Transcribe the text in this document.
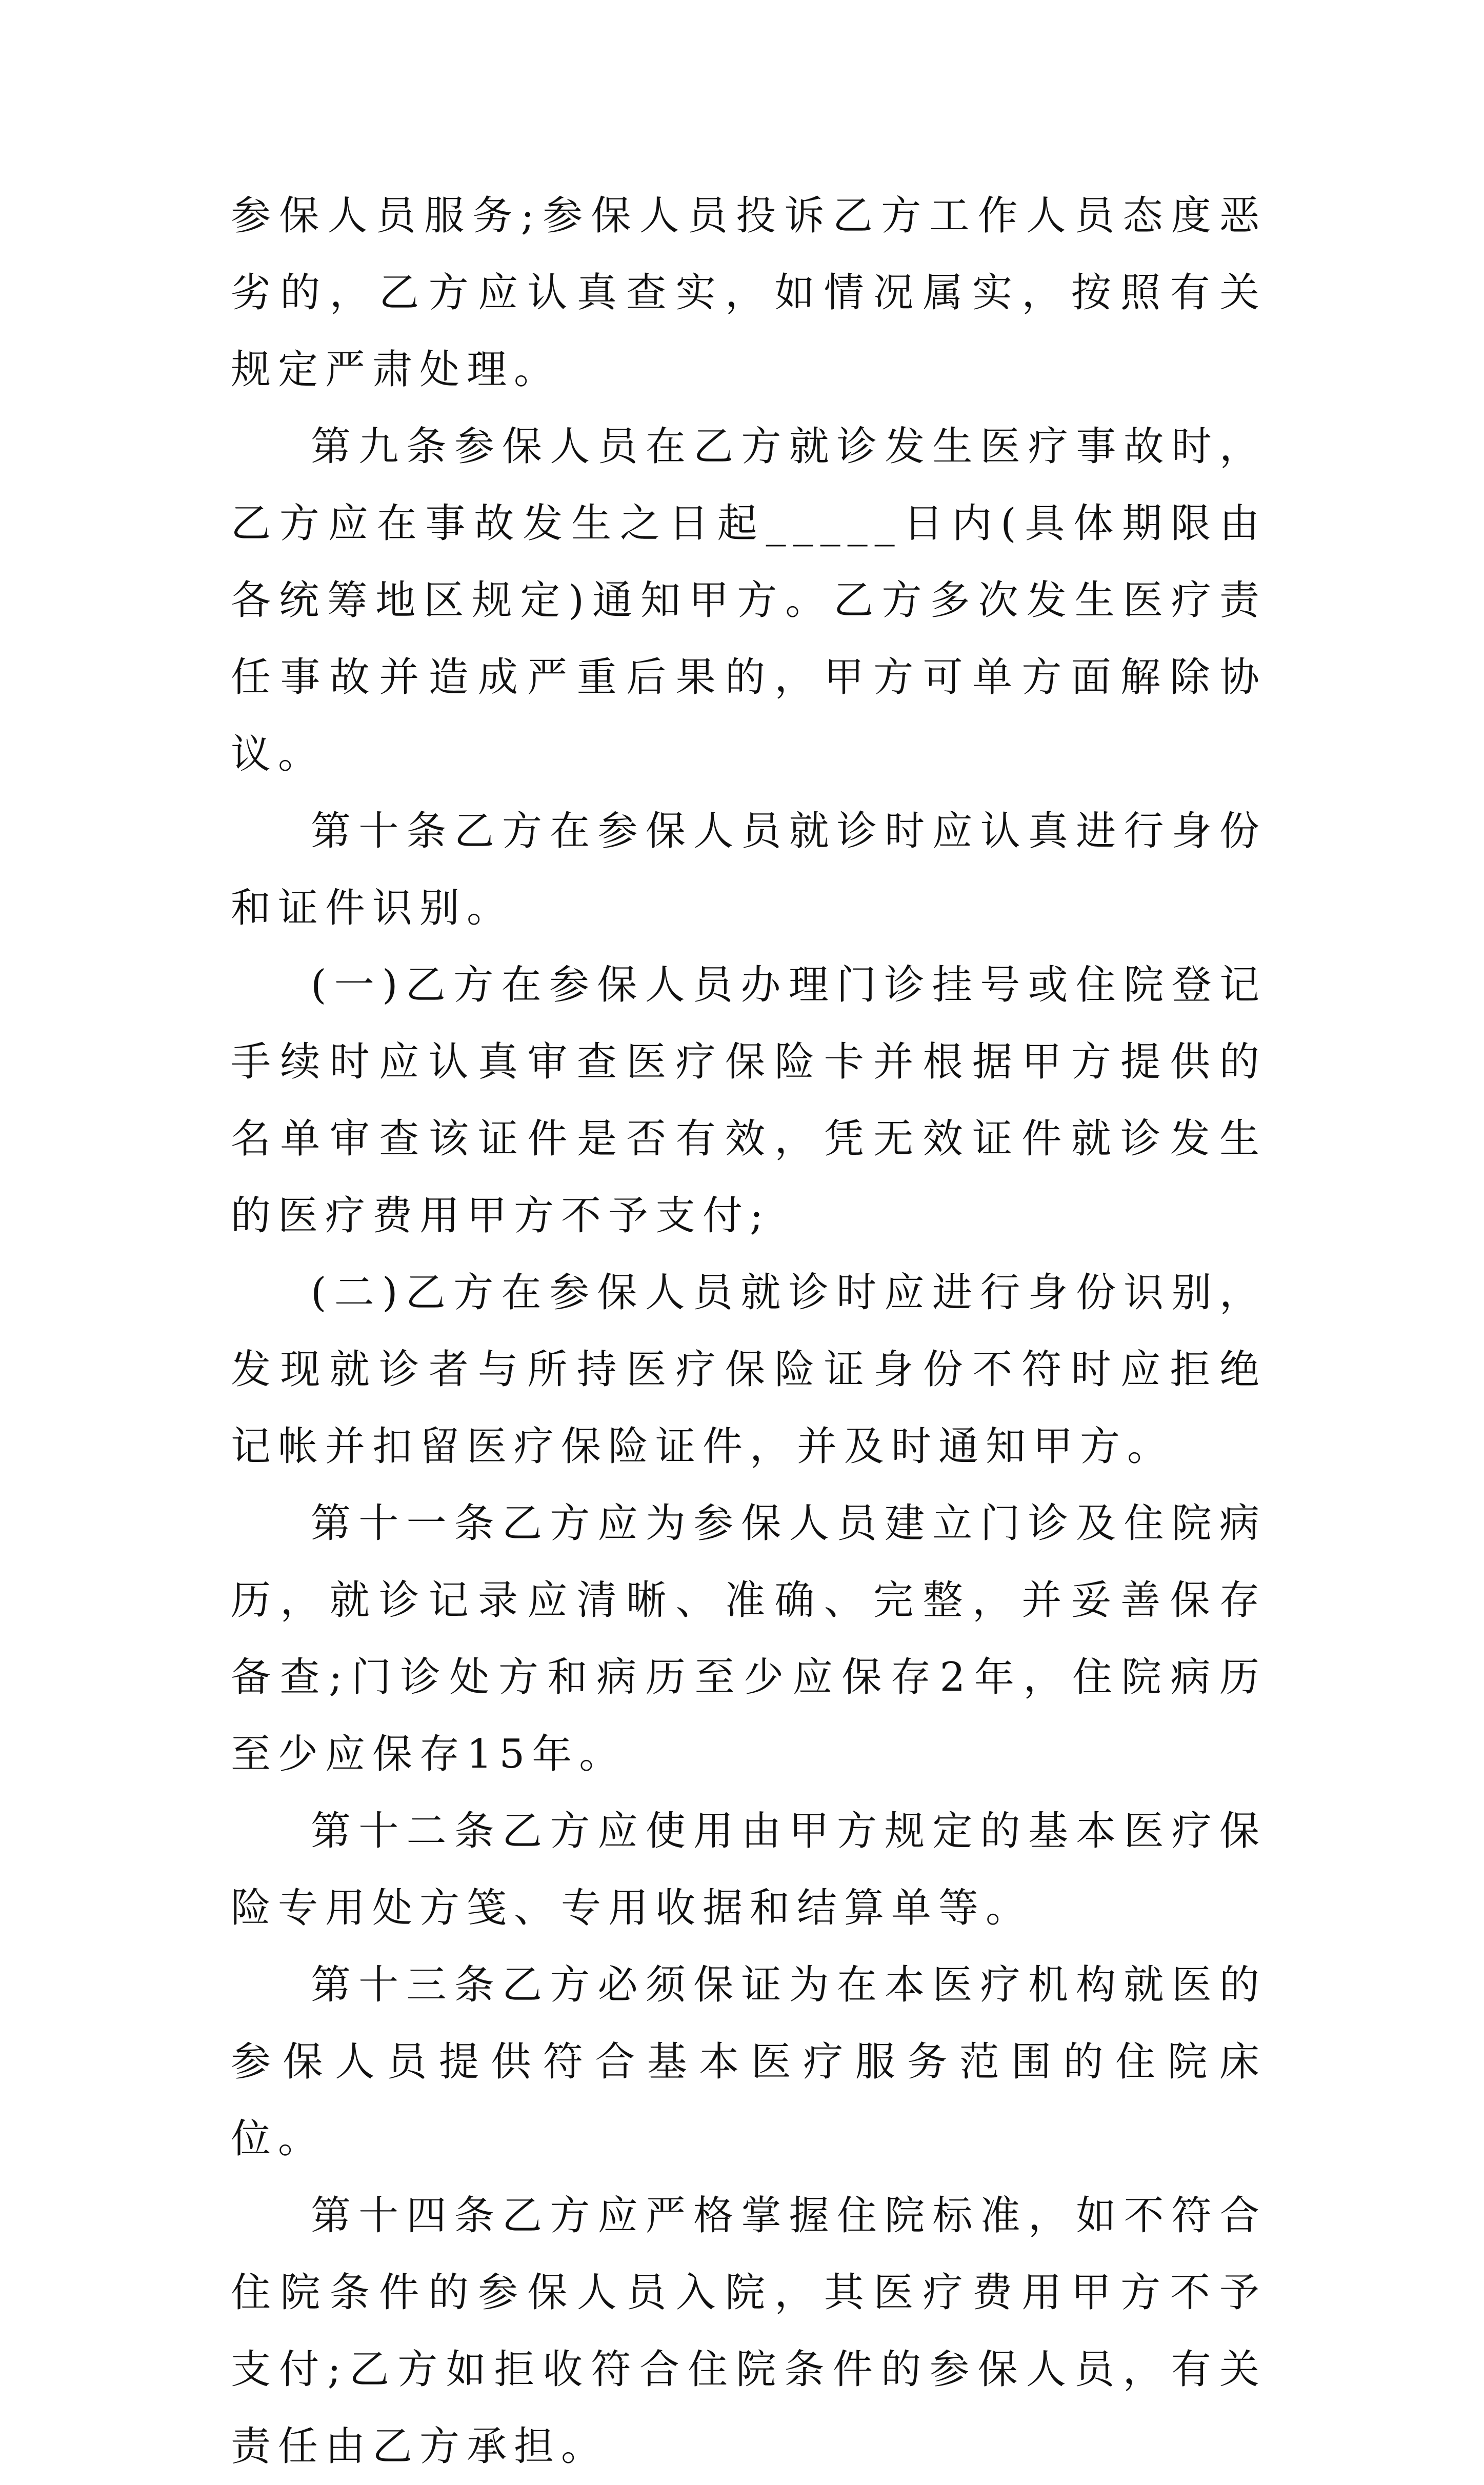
参保人员服务;参保人员投诉乙方工作人员态度恶劣的，乙方应认真查实，如情况属实，按照有关规定严肃处理。

第九条参保人员在乙方就诊发生医疗事故时，乙方应在事故发生之日起_____日内(具体期限由各统筹地区规定)通知甲方。乙方多次发生医疗责任事故并造成严重后果的，甲方可单方面解除协议。

第十条乙方在参保人员就诊时应认真进行身份和证件识别。

(一)乙方在参保人员办理门诊挂号或住院登记手续时应认真审查医疗保险卡并根据甲方提供的名单审查该证件是否有效，凭无效证件就诊发生的医疗费用甲方不予支付;

(二)乙方在参保人员就诊时应进行身份识别，发现就诊者与所持医疗保险证身份不符时应拒绝记帐并扣留医疗保险证件，并及时通知甲方。

第十一条乙方应为参保人员建立门诊及住院病历，就诊记录应清晰、准确、完整，并妥善保存备查;门诊处方和病历至少应保存2年，住院病历至少应保存15年。

第十二条乙方应使用由甲方规定的基本医疗保险专用处方笺、专用收据和结算单等。

第十三条乙方必须保证为在本医疗机构就医的参保人员提供符合基本医疗服务范围的住院床位。

第十四条乙方应严格掌握住院标准，如不符合住院条件的参保人员入院，其医疗费用甲方不予支付;乙方如拒收符合住院条件的参保人员，有关责任由乙方承担。
